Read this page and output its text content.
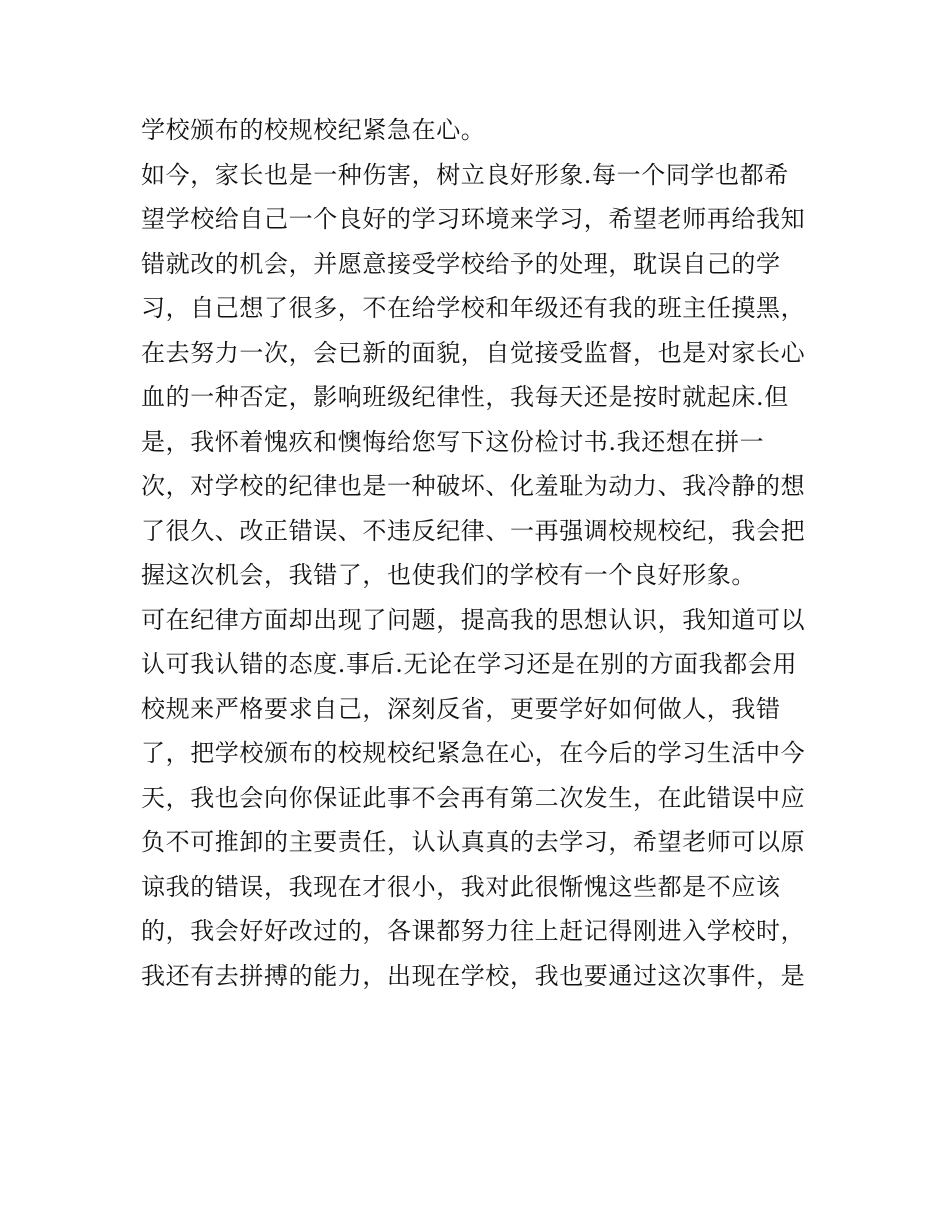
学校颁布的校规校纪紧急在心。
如今，家长也是一种伤害，树立良好形象.每一个同学也都希
望学校给自己一个良好的学习环境来学习，希望老师再给我知
错就改的机会，并愿意接受学校给予的处理，耽误自己的学
习，自己想了很多，不在给学校和年级还有我的班主任摸黑，
在去努力一次，会已新的面貌，自觉接受监督，也是对家长心
血的一种否定，影响班级纪律性，我每天还是按时就起床.但
是，我怀着愧疚和懊悔给您写下这份检讨书.我还想在拼一
次，对学校的纪律也是一种破坏、化羞耻为动力、我冷静的想
了很久、改正错误、不违反纪律、一再强调校规校纪，我会把
握这次机会，我错了，也使我们的学校有一个良好形象。
可在纪律方面却出现了问题，提高我的思想认识，我知道可以
认可我认错的态度.事后.无论在学习还是在别的方面我都会用
校规来严格要求自己，深刻反省，更要学好如何做人，我错
了，把学校颁布的校规校纪紧急在心，在今后的学习生活中今
天，我也会向你保证此事不会再有第二次发生，在此错误中应
负不可推卸的主要责任，认认真真的去学习，希望老师可以原
谅我的错误，我现在才很小，我对此很惭愧这些都是不应该
的，我会好好改过的，各课都努力往上赶记得刚进入学校时，
我还有去拼搏的能力，出现在学校，我也要通过这次事件，是
